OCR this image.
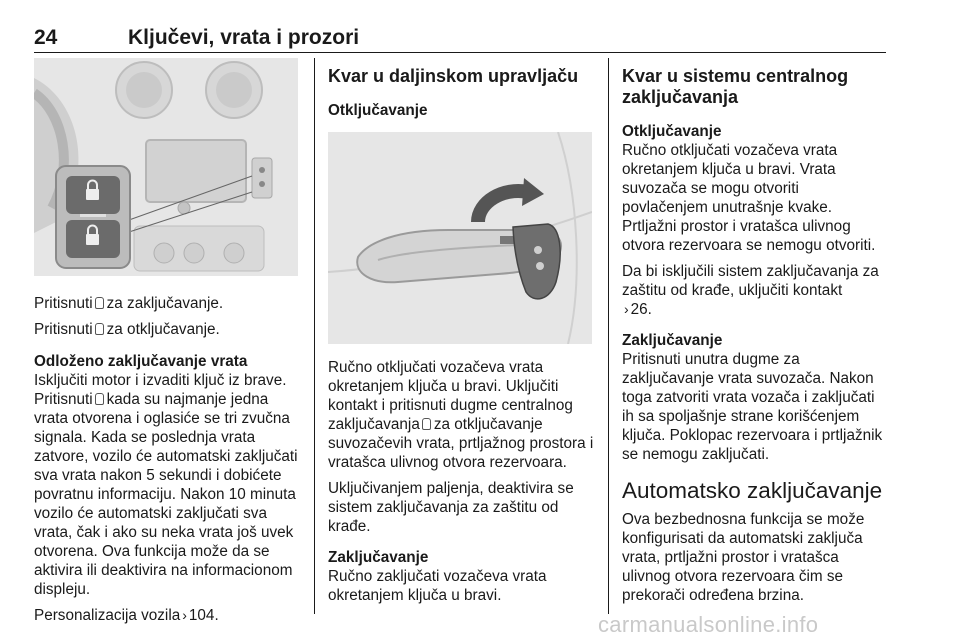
24	Ključevi, vrata i prozori

Pritisnuti za zaključavanje.

Pritisnuti za otključavanje.

Odloženo zaključavanje vrata

Isključiti motor i izvaditi ključ iz brave. Pritisnuti kada su najmanje jedna vrata otvorena i oglasiće se tri zvučna signala. Kada se poslednja vrata zatvore, vozilo će automatski zaključati sva vrata nakon 5 sekundi i dobićete povratnu informaciju. Nakon 10 minuta vozilo će automatski zaključati sva vrata, čak i ako su neka vrata još uvek otvorena. Ova funkcija može da se aktivira ili deaktivira na informacionom displeju.

Personalizacija vozila › 104.

Kvar u daljinskom upravljaču

Otključavanje

Ručno otključati vozačeva vrata okretanjem ključa u bravi. Uključiti kontakt i pritisnuti dugme centralnog zaključavanja za otključavanje suvozačevih vrata, prtljažnog prostora i vratašca ulivnog otvora rezervoara.

Uključivanjem paljenja, deaktivira se sistem zaključavanja za zaštitu od krađe.

Zaključavanje

Ručno zaključati vozačeva vrata okretanjem ključa u bravi.

Kvar u sistemu centralnog zaključavanja

Otključavanje

Ručno otključati vozačeva vrata okretanjem ključa u bravi. Vrata suvozača se mogu otvoriti povlačenjem unutrašnje kvake. Prtljažni prostor i vratašca ulivnog otvora rezervoara se nemogu otvoriti.

Da bi isključili sistem zaključavanja za zaštitu od krađe, uključiti kontakt
› 26.

Zaključavanje

Pritisnuti unutra dugme za zaključavanje vrata suvozača. Nakon toga zatvoriti vrata vozača i zaključati ih sa spoljašnje strane korišćenjem ključa. Poklopac rezervoara i prtljažnik se nemogu zaključati.

Automatsko zaključavanje

Ova bezbednosna funkcija se može konfigurisati da automatski zaključa vrata, prtljažni prostor i vratašca ulivnog otvora rezervoara čim se prekorači određena brzina.

carmanualsonline.info
